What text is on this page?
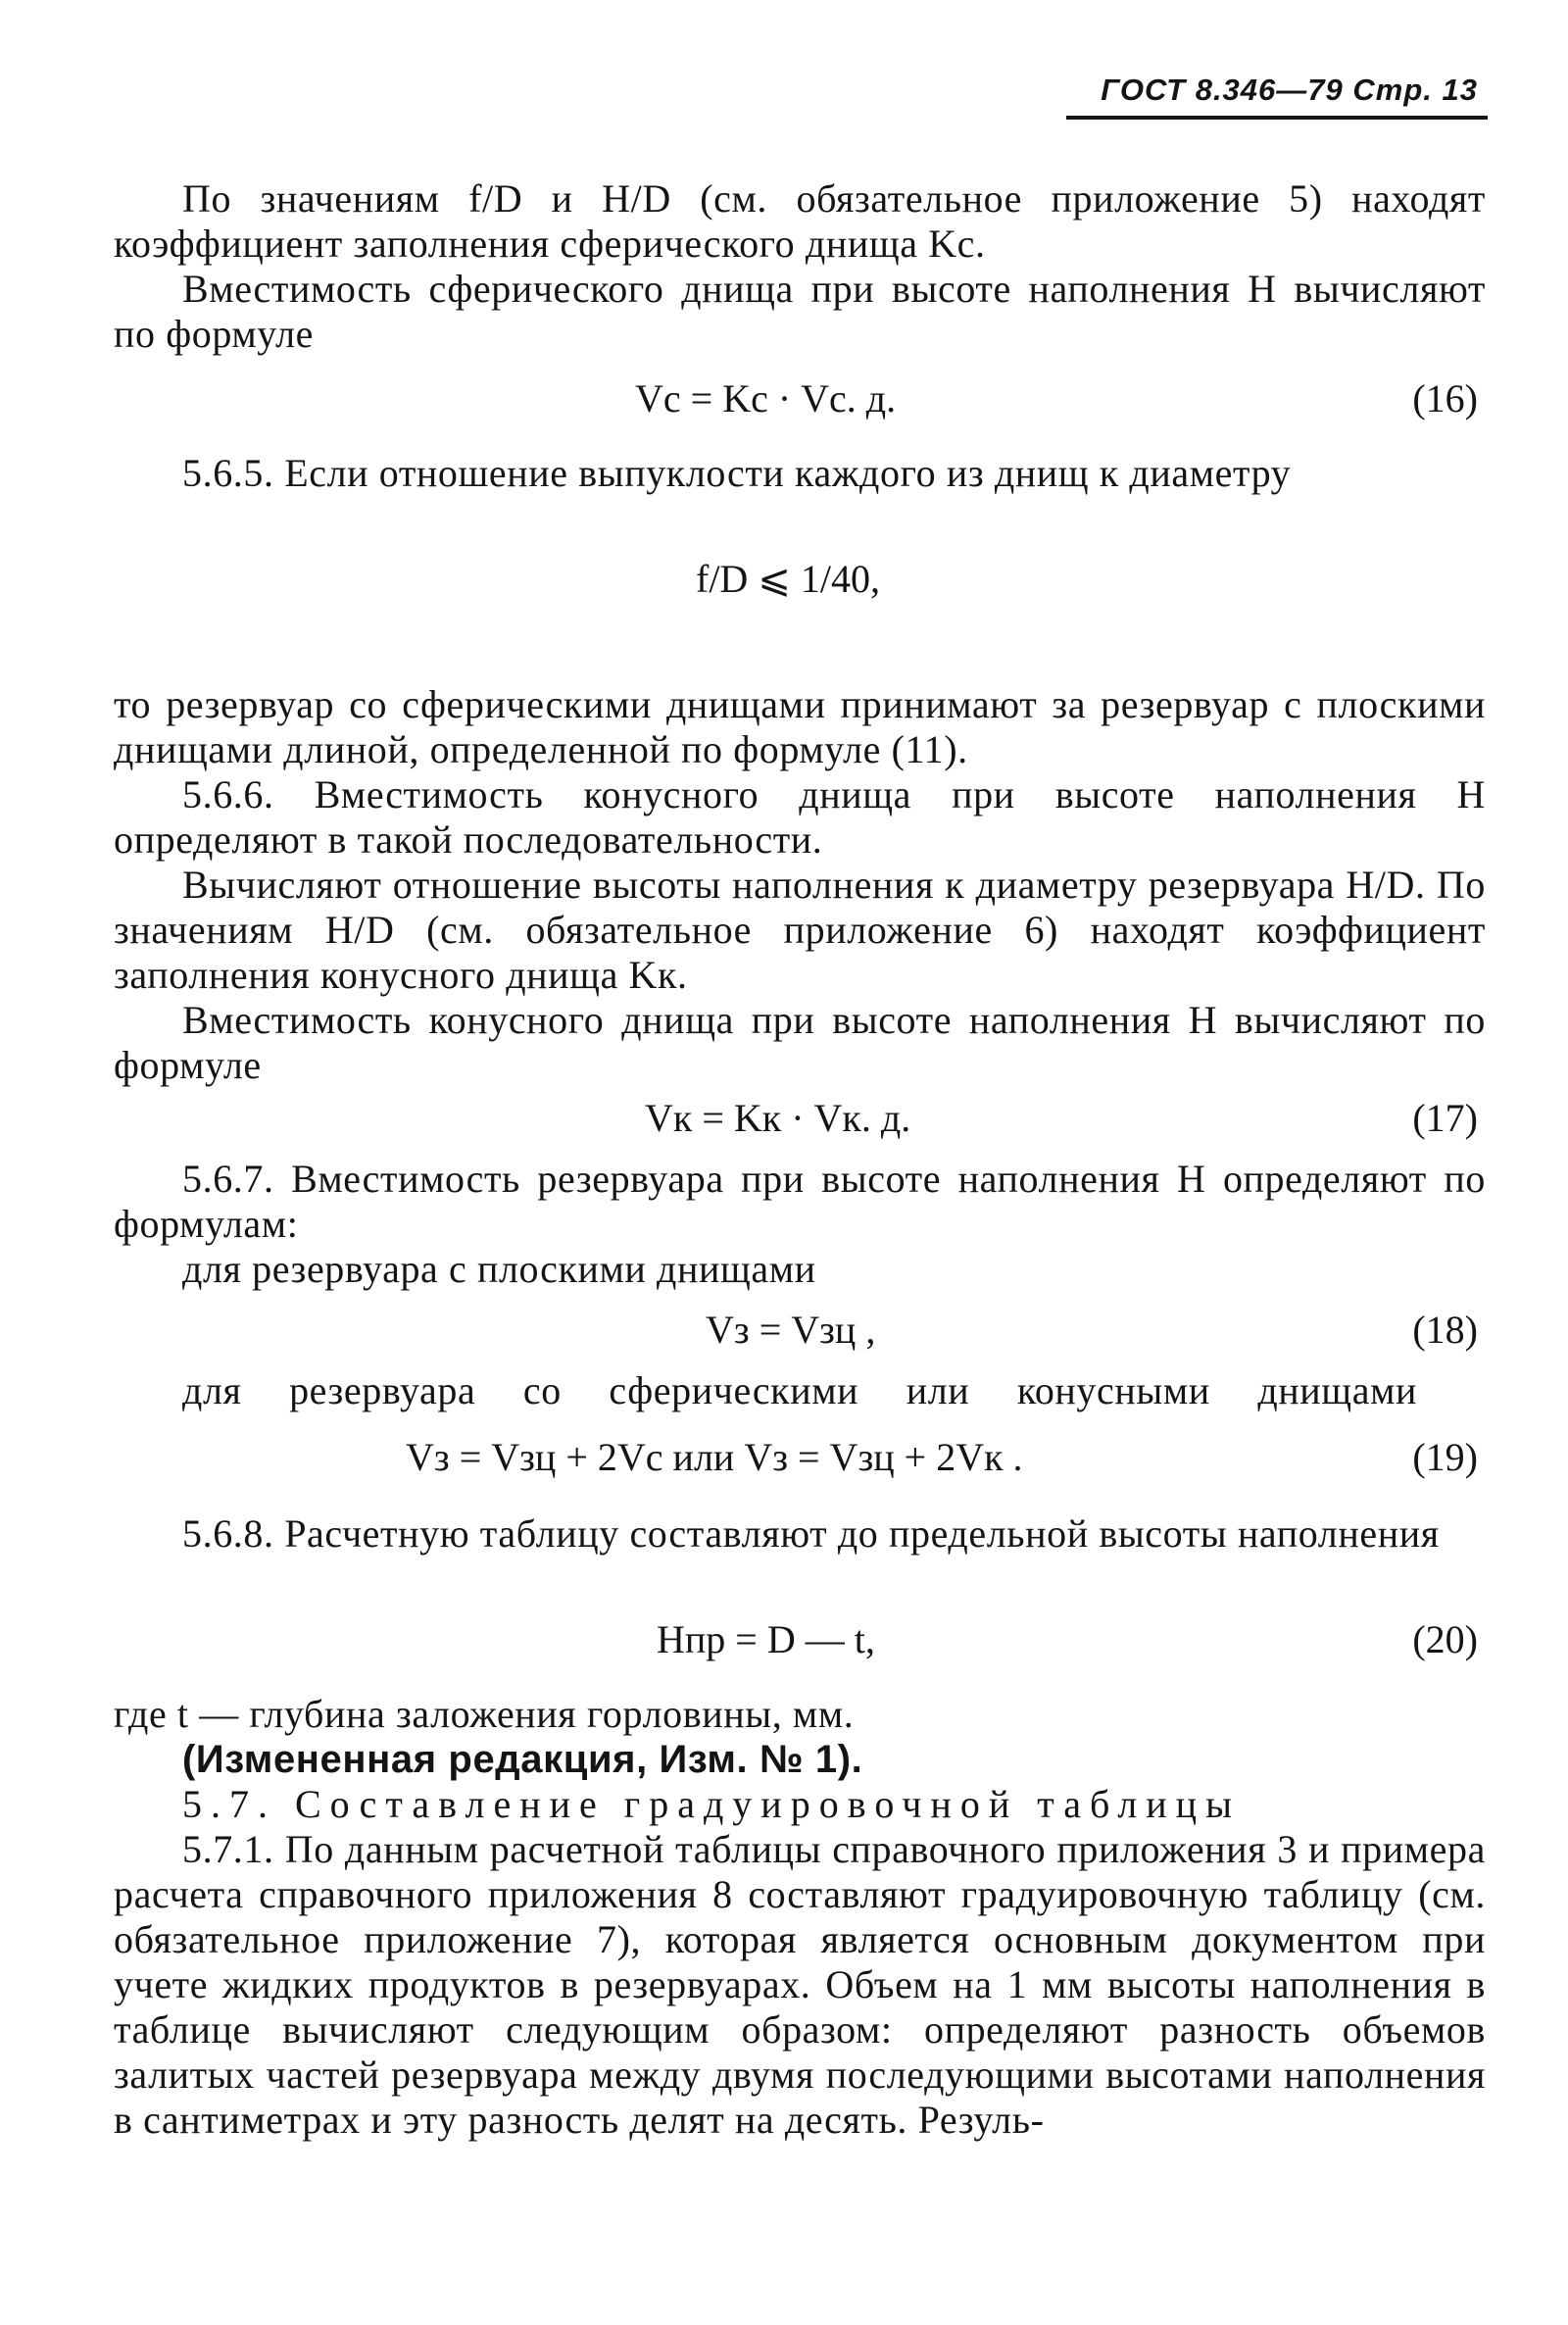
ГОСТ 8.346—79 Стр. 13
По значениям f/D и H/D (см. обязательное приложение 5) находят коэффициент заполнения сферического днища Kс.
Вместимость сферического днища при высоте наполнения H вычисляют по формуле
Vс = Kс · Vс. д.	(16)
5.6.5. Если отношение выпуклости каждого из днищ к диаметру
f/D ⩽ 1/40,
то резервуар со сферическими днищами принимают за резервуар с плоскими днищами длиной, определенной по формуле (11).
5.6.6. Вместимость конусного днища при высоте наполнения H определяют в такой последовательности.
Вычисляют отношение высоты наполнения к диаметру резервуара H/D. По значениям H/D (см. обязательное приложение 6) находят коэффициент заполнения конусного днища Kк.
Вместимость конусного днища при высоте наполнения H вычисляют по формуле
Vк = Kк · Vк. д.	(17)
5.6.7. Вместимость резервуара при высоте наполнения H определяют по формулам:
для резервуара с плоскими днищами
Vз = Vзц ,	(18)
для резервуара со сферическими или конусными днищами
Vз = Vзц + 2Vс или Vз = Vзц + 2Vк .	(19)
5.6.8. Расчетную таблицу составляют до предельной высоты наполнения
Hпр = D — t,	(20)
где t — глубина заложения горловины, мм.
(Измененная редакция, Изм. № 1).
5.7. Составление градуировочной таблицы
5.7.1. По данным расчетной таблицы справочного приложения 3 и примера расчета справочного приложения 8 составляют градуировочную таблицу (см. обязательное приложение 7), которая является основным документом при учете жидких продуктов в резервуарах. Объем на 1 мм высоты наполнения в таблице вычисляют следующим образом: определяют разность объемов залитых частей резервуара между двумя последующими высотами наполнения в сантиметрах и эту разность делят на десять. Резуль-
